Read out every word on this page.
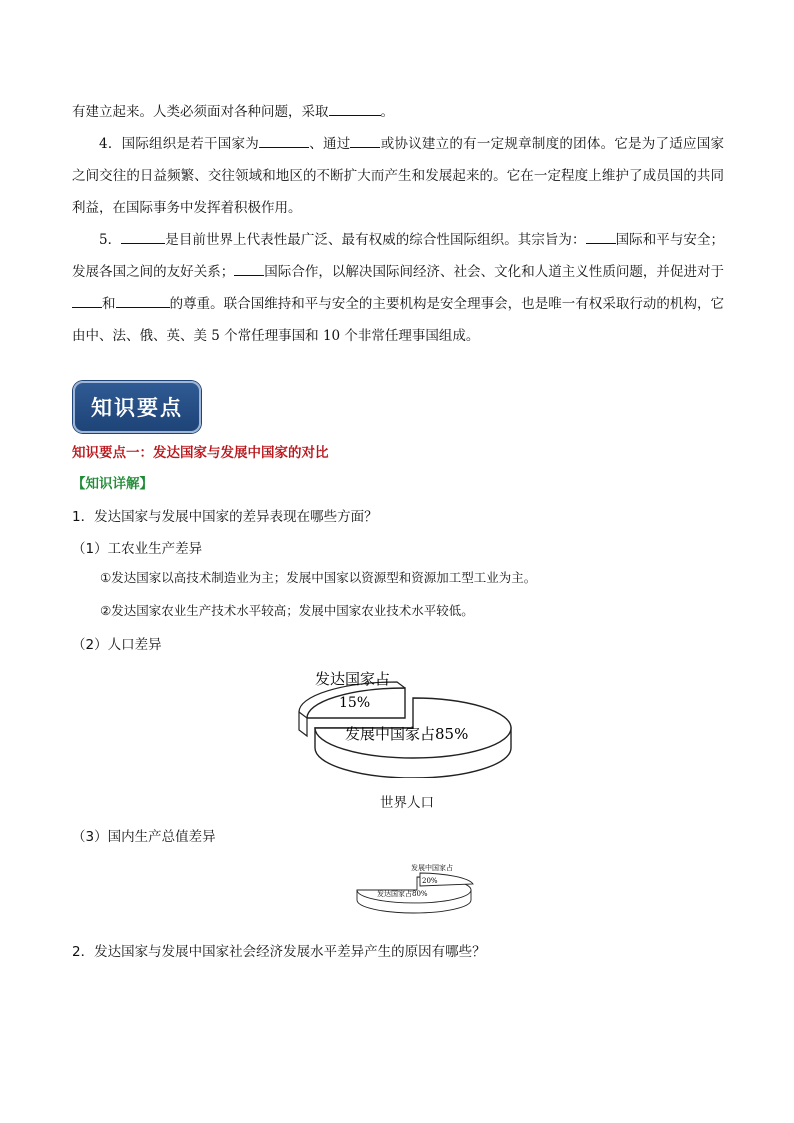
有建立起来。人类必须面对各种问题，采取	。
4．国际组织是若干国家为	、通过 或协议建立的有一定规章制度的团体。它是为了适应国家之间交往的日益频繁、交往领域和地区的不断扩大而产生和发展起来的。它在一定程度上维护了成员国的共同利益，在国际事务中发挥着积极作用。
5．	是目前世界上代表性最广泛、最有权威的综合性国际组织。其宗旨为： 国际和平与安全；发展各国之间的友好关系； 国际合作，以解决国际间经济、社会、文化和人道主义性质问题，并促进对于和	的尊重。联合国维持和平与安全的主要机构是安全理事会，也是唯一有权采取行动的机构，它由中、法、俄、英、美 5 个常任理事国和 10 个非常任理事国组成。
知识要点
知识要点一：发达国家与发展中国家的对比
【知识详解】
1．发达国家与发展中国家的差异表现在哪些方面？
（1）工农业生产差异
①发达国家以高技术制造业为主；发展中国家以资源型和资源加工型工业为主。
②发达国家农业生产技术水平较高；发展中国家农业技术水平较低。
（2）人口差异
发达国家占
15%
发展中国家占85%
世界人口
（3）国内生产总值差异
发展中国家占
20%
发达国家占80%
2．发达国家与发展中国家社会经济发展水平差异产生的原因有哪些？
